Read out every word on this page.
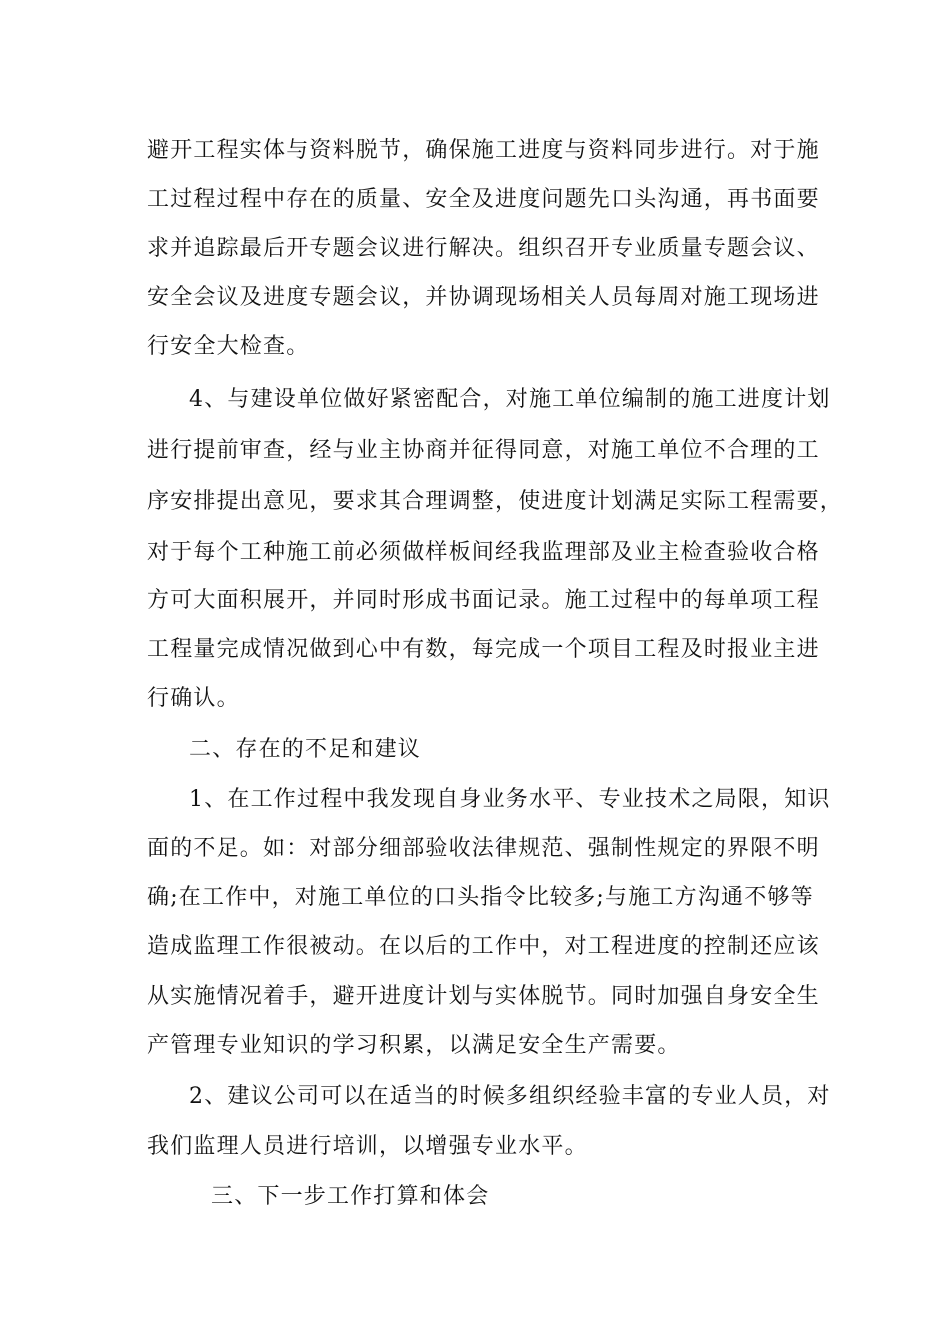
避开工程实体与资料脱节，确保施工进度与资料同步进行。对于施
工过程过程中存在的质量、安全及进度问题先口头沟通，再书面要
求并追踪最后开专题会议进行解决。组织召开专业质量专题会议、
安全会议及进度专题会议，并协调现场相关人员每周对施工现场进
行安全大检查。
4、与建设单位做好紧密配合，对施工单位编制的施工进度计划
进行提前审查，经与业主协商并征得同意，对施工单位不合理的工
序安排提出意见，要求其合理调整，使进度计划满足实际工程需要，
对于每个工种施工前必须做样板间经我监理部及业主检查验收合格
方可大面积展开，并同时形成书面记录。施工过程中的每单项工程
工程量完成情况做到心中有数，每完成一个项目工程及时报业主进
行确认。
二、存在的不足和建议
1、在工作过程中我发现自身业务水平、专业技术之局限，知识
面的不足。如：对部分细部验收法律规范、强制性规定的界限不明
确;在工作中，对施工单位的口头指令比较多;与施工方沟通不够等
造成监理工作很被动。在以后的工作中，对工程进度的控制还应该
从实施情况着手，避开进度计划与实体脱节。同时加强自身安全生
产管理专业知识的学习积累，以满足安全生产需要。
2、建议公司可以在适当的时候多组织经验丰富的专业人员，对
我们监理人员进行培训，以增强专业水平。
三、下一步工作打算和体会
